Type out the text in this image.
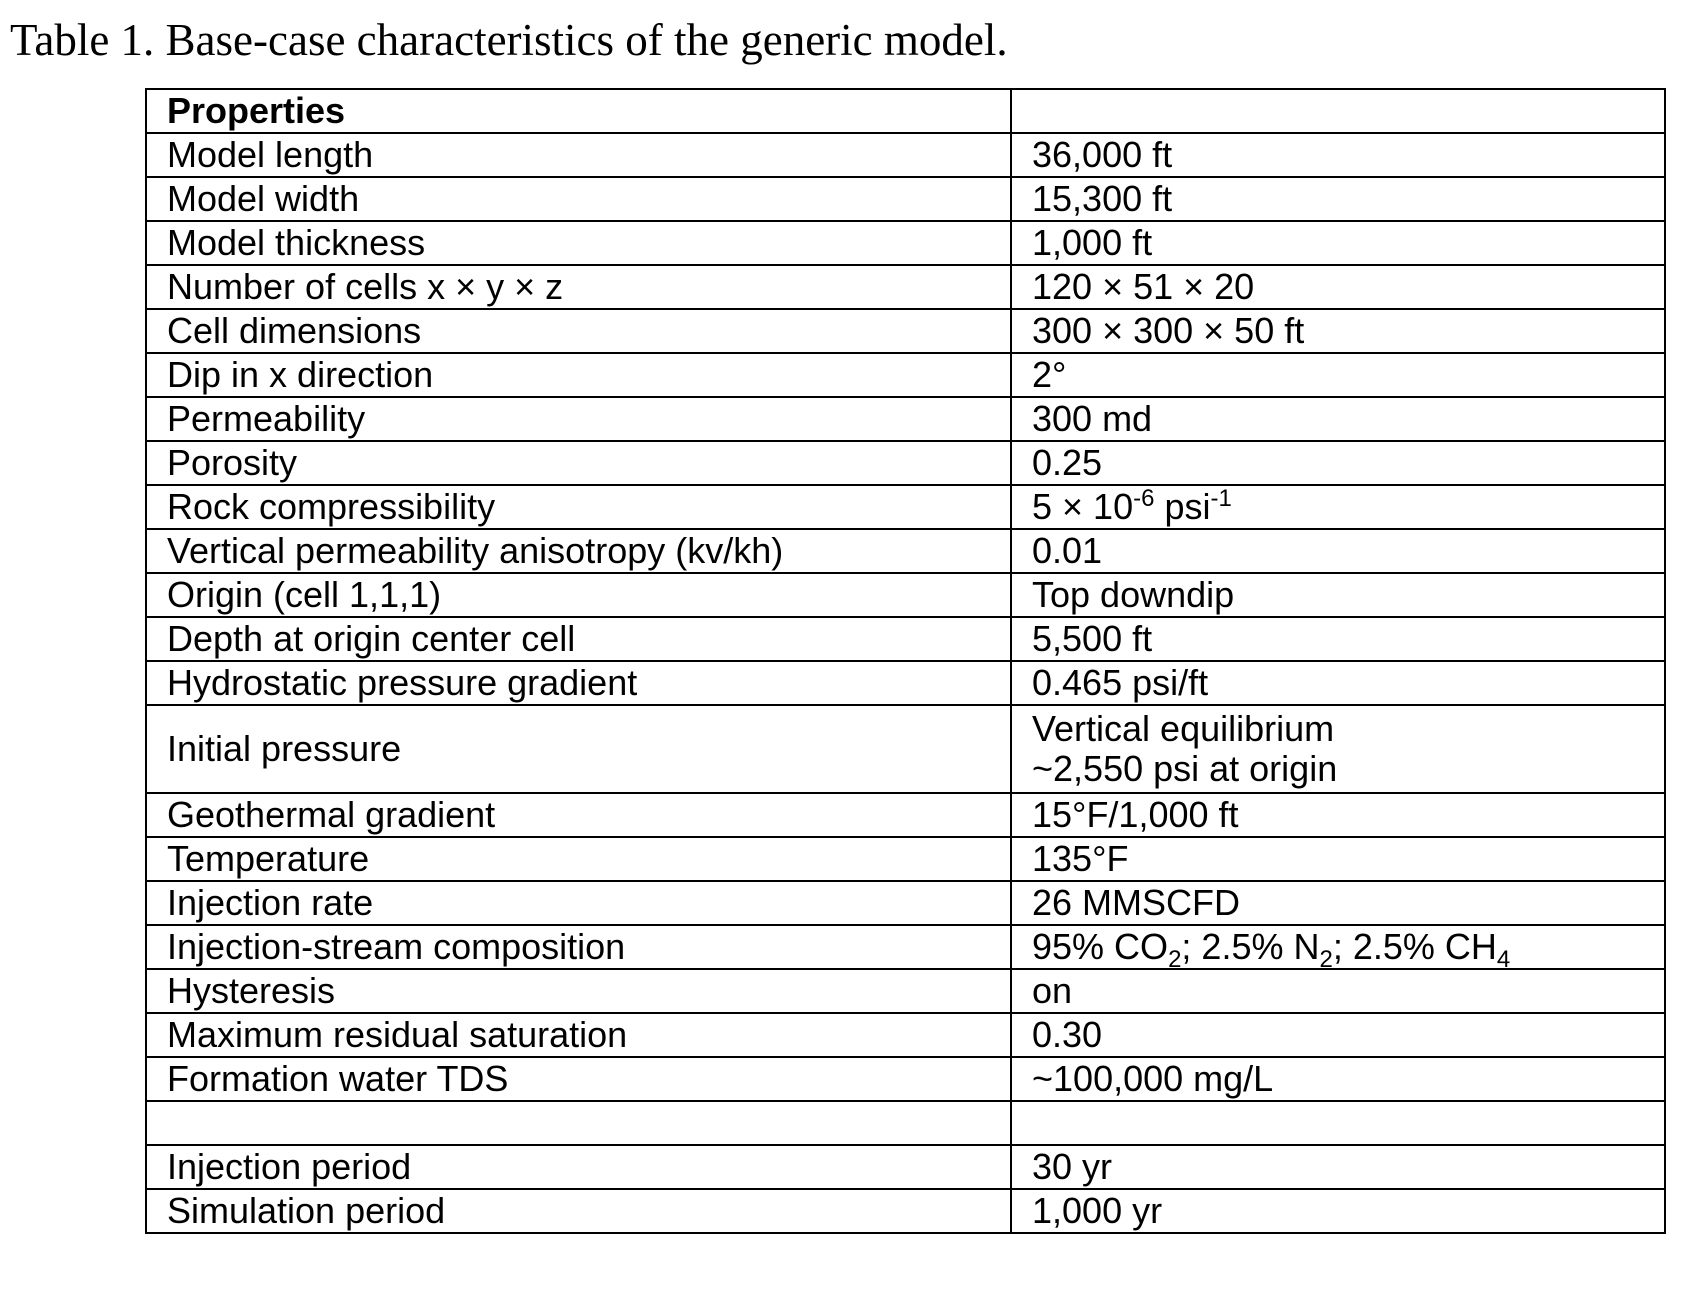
Table 1. Base-case characteristics of the generic model.
Properties	
Model length	36,000 ft
Model width	15,300 ft
Model thickness	1,000 ft
Number of cells x × y × z	120 × 51 × 20
Cell dimensions	300 × 300 × 50 ft
Dip in x direction	2°
Permeability	300 md
Porosity	0.25
Rock compressibility	$5 \times 10^{-6}$ psi$^{-1}$
Vertical permeability anisotropy (kv/kh)	0.01
Origin (cell 1,1,1)	Top downdip
Depth at origin center cell	5,500 ft
Hydrostatic pressure gradient	0.465 psi/ft
Initial pressure	Vertical equilibrium
~2,550 psi at origin

Geothermal gradient	15°F/1,000 ft
Temperature	135°F
Injection rate	26 MMSCFD
Injection-stream composition	95% $CO_2$; 2.5% $N_2$; 2.5% $CH_4$
Hysteresis	on
Maximum residual saturation	0.30
Formation water TDS	~100,000 mg/L

Injection period	30 yr
Simulation period	1,000 yr
